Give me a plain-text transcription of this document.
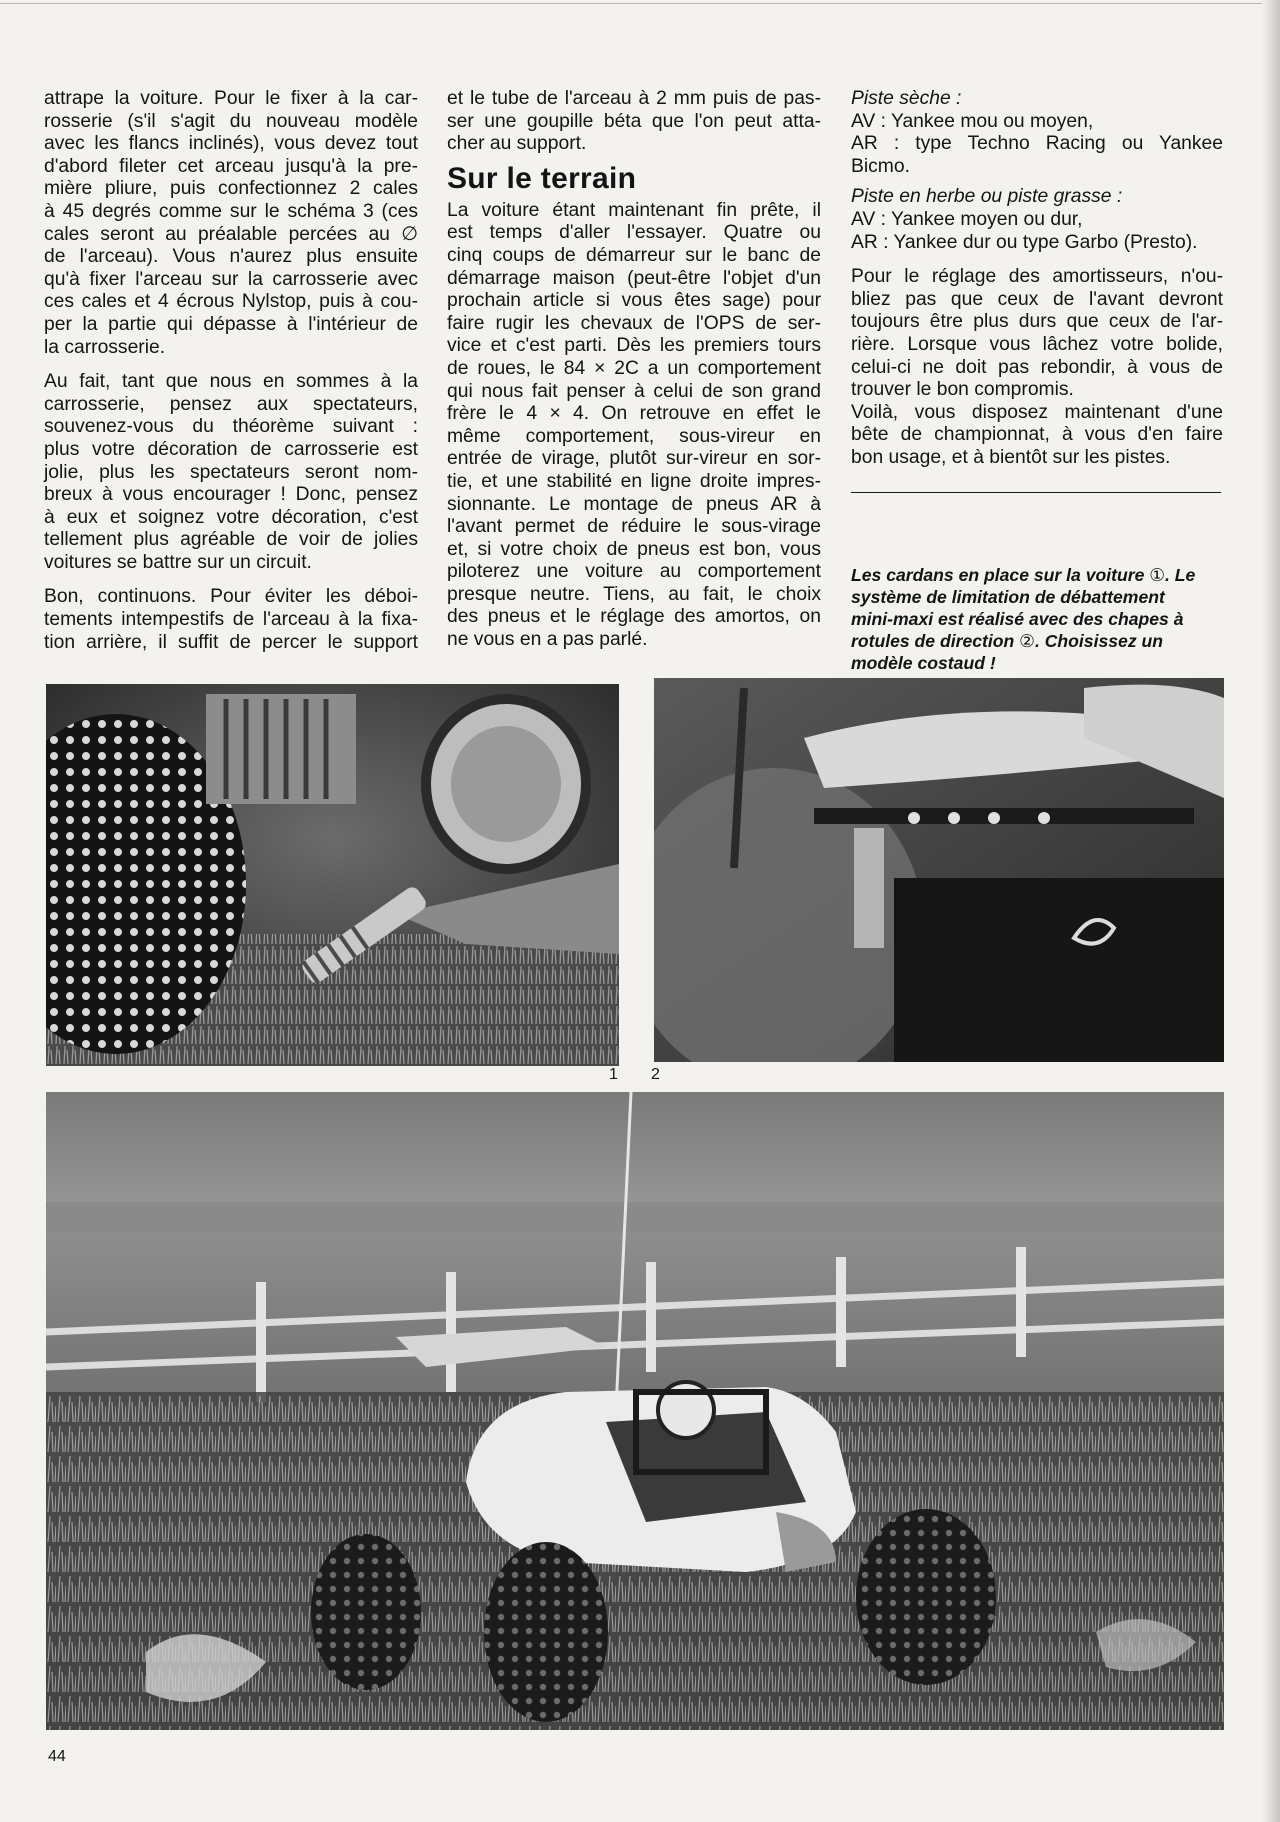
attrape la voiture. Pour le fixer à la car-

rosserie (s'il s'agit du nouveau modèle

avec les flancs inclinés), vous devez tout

d'abord fileter cet arceau jusqu'à la pre-

mière pliure, puis confectionnez 2 cales

à 45 degrés comme sur le schéma 3 (ces

cales seront au préalable percées au ∅

de l'arceau). Vous n'aurez plus ensuite

qu'à fixer l'arceau sur la carrosserie avec

ces cales et 4 écrous Nylstop, puis à cou-

per la partie qui dépasse à l'intérieur de

la carrosserie.

Au fait, tant que nous en sommes à la

carrosserie, pensez aux spectateurs,

souvenez-vous du théorème suivant :

plus votre décoration de carrosserie est

jolie, plus les spectateurs seront nom-

breux à vous encourager ! Donc, pensez

à eux et soignez votre décoration, c'est

tellement plus agréable de voir de jolies

voitures se battre sur un circuit.

Bon, continuons. Pour éviter les déboi-

tements intempestifs de l'arceau à la fixa-

tion arrière, il suffit de percer le support

et le tube de l'arceau à 2 mm puis de pas-

ser une goupille béta que l'on peut atta-

cher au support.

Sur le terrain

La voiture étant maintenant fin prête, il

est temps d'aller l'essayer. Quatre ou

cinq coups de démarreur sur le banc de

démarrage maison (peut-être l'objet d'un

prochain article si vous êtes sage) pour

faire rugir les chevaux de l'OPS de ser-

vice et c'est parti. Dès les premiers tours

de roues, le 84 × 2C a un comportement

qui nous fait penser à celui de son grand

frère le 4 × 4. On retrouve en effet le

même comportement, sous-vireur en

entrée de virage, plutôt sur-vireur en sor-

tie, et une stabilité en ligne droite impres-

sionnante. Le montage de pneus AR à

l'avant permet de réduire le sous-virage

et, si votre choix de pneus est bon, vous

piloterez une voiture au comportement

presque neutre. Tiens, au fait, le choix

des pneus et le réglage des amortos, on

ne vous en a pas parlé.

Piste sèche :

AV : Yankee mou ou moyen,

AR : type Techno Racing ou Yankee

Bicmo.

Piste en herbe ou piste grasse :

AV : Yankee moyen ou dur,

AR : Yankee dur ou type Garbo (Presto).

Pour le réglage des amortisseurs, n'ou-

bliez pas que ceux de l'avant devront

toujours être plus durs que ceux de l'ar-

rière. Lorsque vous lâchez votre bolide,

celui-ci ne doit pas rebondir, à vous de

trouver le bon compromis.

Voilà, vous disposez maintenant d'une

bête de championnat, à vous d'en faire

bon usage, et à bientôt sur les pistes.

Les cardans en place sur la voiture ①. Le
système de limitation de débattement
mini-maxi est réalisé avec des chapes à
rotules de direction ②. Choisissez un
modèle costaud !
1 2
44
